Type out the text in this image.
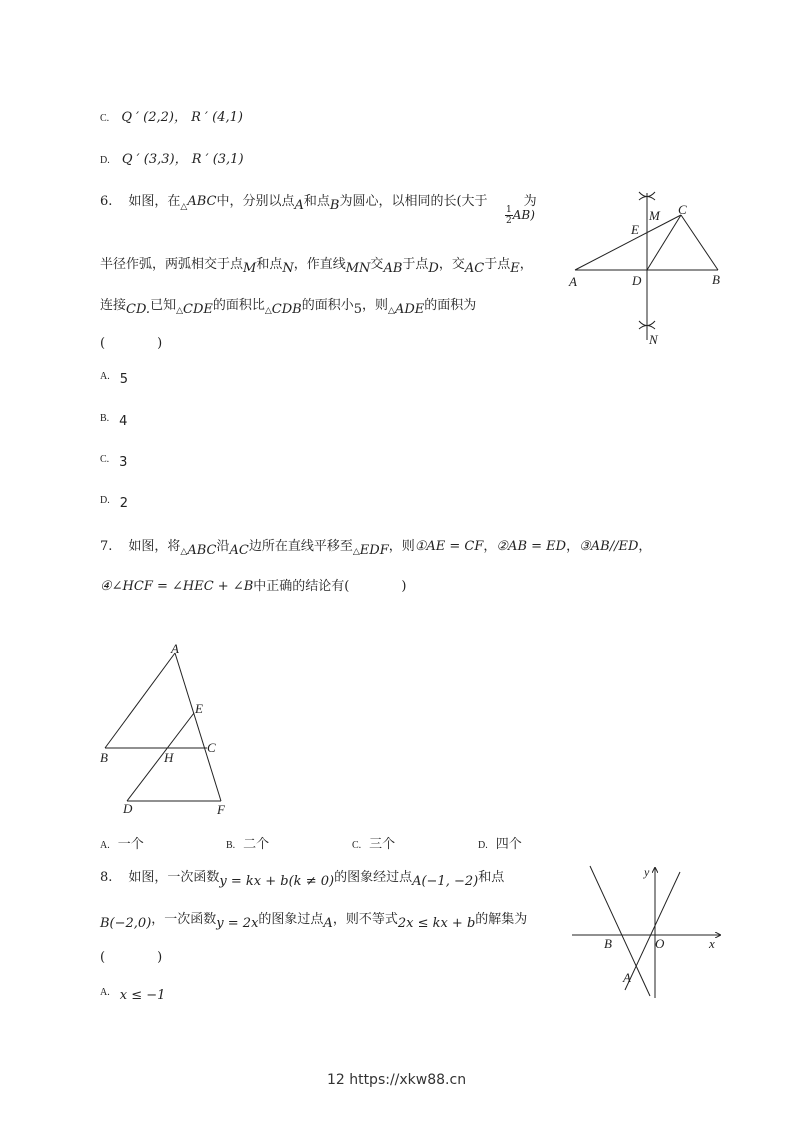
C. Q ′ (2,2)， R ′ (4,1)
D. Q ′ (3,3)， R ′ (3,1)
6. 如图，在$_\triangle$ABC中，分别以点A和点B为圆心，以相同的长(大于	为
$\frac{1}{2} AB$)
半径作弧，两弧相交于点M和点N，作直线MN交AB于点D，交AC于点E，
连接CD.已知$_\triangle$CDE的面积比$_\triangle$CDB的面积小5，则$_\triangle$ADE的面积为
(　　　　)
A. 5
B. 4
C. 3
D. 2
A	B
C
D
E
M
N
7. 如图，将$_\triangle$ABC沿AC边所在直线平移至$_\triangle$EDF，则①AE = CF，②AB = ED，③AB//ED，
④∠HCF = ∠HEC + ∠B中正确的结论有(　　　　)
A
B
C
D
E
F
H
A. 一个	B. 二个	C. 三个	D. 四个
8. 如图，一次函数y = kx + b(k ≠ 0)的图象经过点A(−1, −2)和点
B(−2,0)，一次函数y = 2x的图象过点A，则不等式2x ≤ kx + b的解集为
(　　　　)
A. x ≤ −1
y
x
O
B
A
12 https://xkw88.cn
